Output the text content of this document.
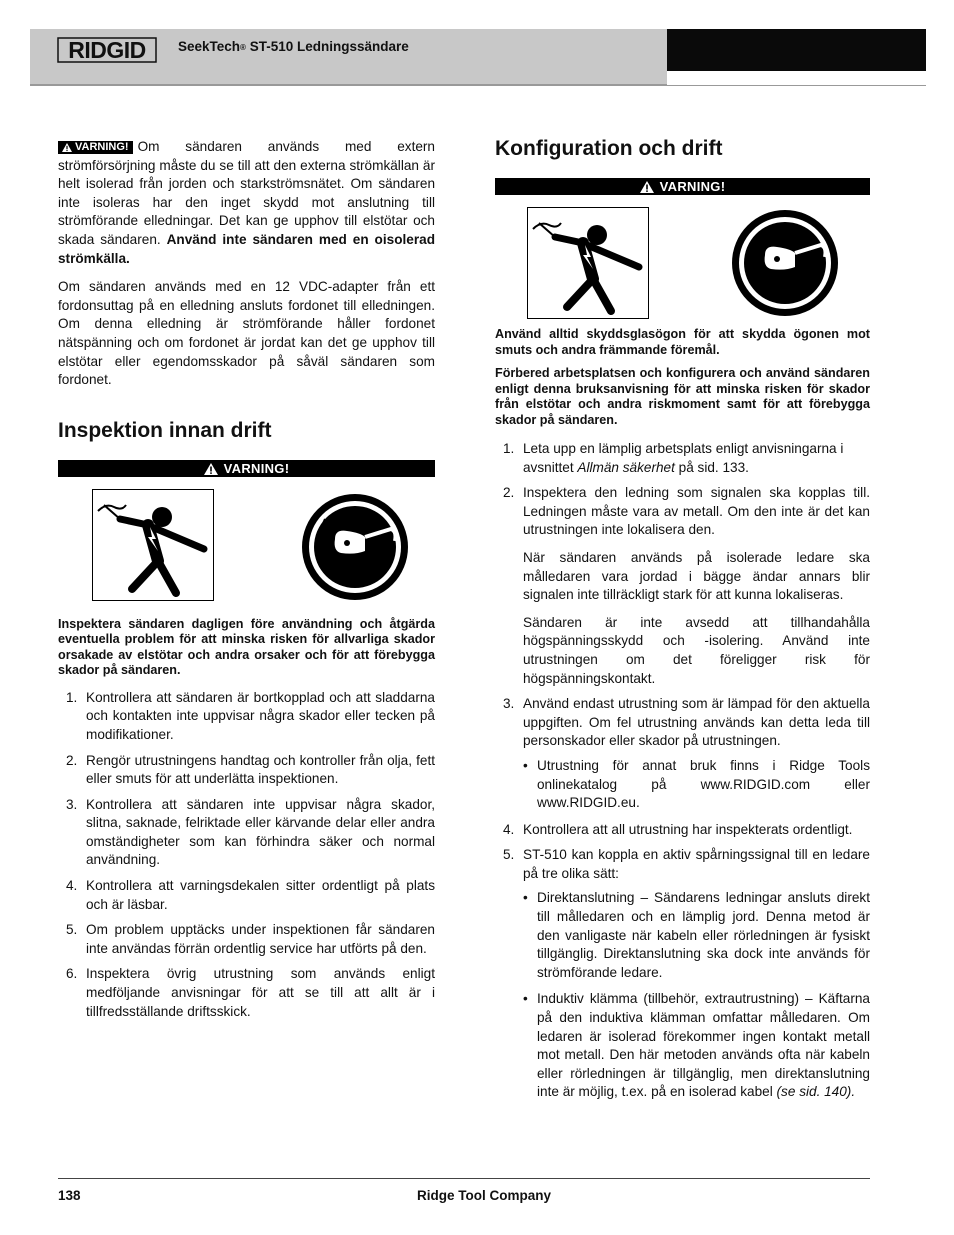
RIDGID SeekTech® ST-510 Ledningssändare

VARNING! Om sändaren används med extern strömförsörjning måste du se till att den externa strömkällan är helt isolerad från jorden och starkströmsnätet. Om sändaren inte isoleras har den inget skydd mot anslutning till strömförande elledningar. Det kan ge upphov till elstötar och skada sändaren. Använd inte sändaren med en oisolerad strömkälla.

Om sändaren används med en 12 VDC-adapter från ett fordonsuttag på en elledning ansluts fordonet till elledningen. Om denna elledning är strömförande håller fordonet nätspänning och om fordonet är jordat kan det ge upphov till elstötar eller egendomsskador på såväl sändaren som fordonet.

Inspektion innan drift
VARNING!
Inspektera sändaren dagligen före användning och åtgärda eventuella problem för att minska risken för allvarliga skador orsakade av elstötar och andra orsaker och för att förebygga skador på sändaren.
1. Kontrollera att sändaren är bortkopplad och att sladdarna och kontakten inte uppvisar några skador eller tecken på modifikationer.
2. Rengör utrustningens handtag och kontroller från olja, fett eller smuts för att underlätta inspektionen.
3. Kontrollera att sändaren inte uppvisar några skador, slitna, saknade, felriktade eller kärvande delar eller andra omständigheter som kan förhindra säker och normal användning.
4. Kontrollera att varningsdekalen sitter ordentligt på plats och är läsbar.
5. Om problem upptäcks under inspektionen får sändaren inte användas förrän ordentlig service har utförts på den.
6. Inspektera övrig utrustning som används enligt medföljande anvisningar för att se till att allt är i tillfredsställande driftsskick.
Konfiguration och drift
VARNING!
Använd alltid skyddsglasögon för att skydda ögonen mot smuts och andra främmande föremål.
Förbered arbetsplatsen och konfigurera och använd sändaren enligt denna bruksanvisning för att minska risken för skador från elstötar och andra riskmoment samt för att förebygga skador på sändaren.
1. Leta upp en lämplig arbetsplats enligt anvisningarna i avsnittet Allmän säkerhet på sid. 133.
2. Inspektera den ledning som signalen ska kopplas till. Ledningen måste vara av metall. Om den inte är det kan utrustningen inte lokalisera den.
När sändaren används på isolerade ledare ska målledaren vara jordad i bägge ändar annars blir signalen inte tillräckligt stark för att kunna lokaliseras.
Sändaren är inte avsedd att tillhandahålla högspänningsskydd och -isolering. Använd inte utrustningen om det föreligger risk för högspänningskontakt.
3. Använd endast utrustning som är lämpad för den aktuella uppgiften. Om fel utrustning används kan detta leda till personskador eller skador på utrustningen.
• Utrustning för annat bruk finns i Ridge Tools onlinekatalog på www.RIDGID.com eller www.RIDGID.eu.
4. Kontrollera att all utrustning har inspekterats ordentligt.
5. ST-510 kan koppla en aktiv spårningssignal till en ledare på tre olika sätt:
• Direktanslutning – Sändarens ledningar ansluts direkt till målledaren och en lämplig jord. Denna metod är den vanligaste när kabeln eller rörledningen är fysiskt tillgänglig. Direktanslutning ska dock inte används för strömförande ledare.
• Induktiv klämma (tillbehör, extrautrustning) – Käftarna på den induktiva klämman omfattar målledaren. Om ledaren är isolerad förekommer ingen kontakt metall mot metall. Den här metoden används ofta när kabeln eller rörledningen är tillgänglig, men direktanslutning inte är möjlig, t.ex. på en isolerad kabel (se sid. 140).
138	Ridge Tool Company
